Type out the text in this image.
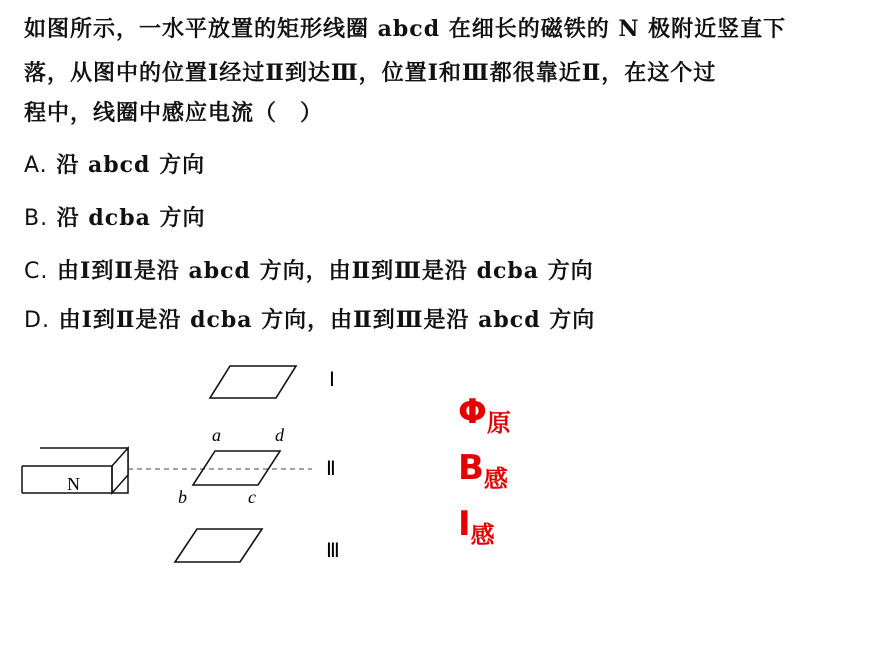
如图所示，一水平放置的矩形线圈 abcd 在细长的磁铁的 N 极附近竖直下
落，从图中的位置Ⅰ经过Ⅱ到达Ⅲ，位置Ⅰ和Ⅲ都很靠近Ⅱ，在这个过
程中，线圈中感应电流（　）
A. 沿 abcd 方向
B. 沿 dcba 方向
C. 由Ⅰ到Ⅱ是沿 abcd 方向，由Ⅱ到Ⅲ是沿 dcba 方向
D. 由Ⅰ到Ⅱ是沿 dcba 方向，由Ⅱ到Ⅲ是沿 abcd 方向
N
a	d
b	c
Ⅰ
Ⅱ
Ⅲ
Φ原
B感
I感
